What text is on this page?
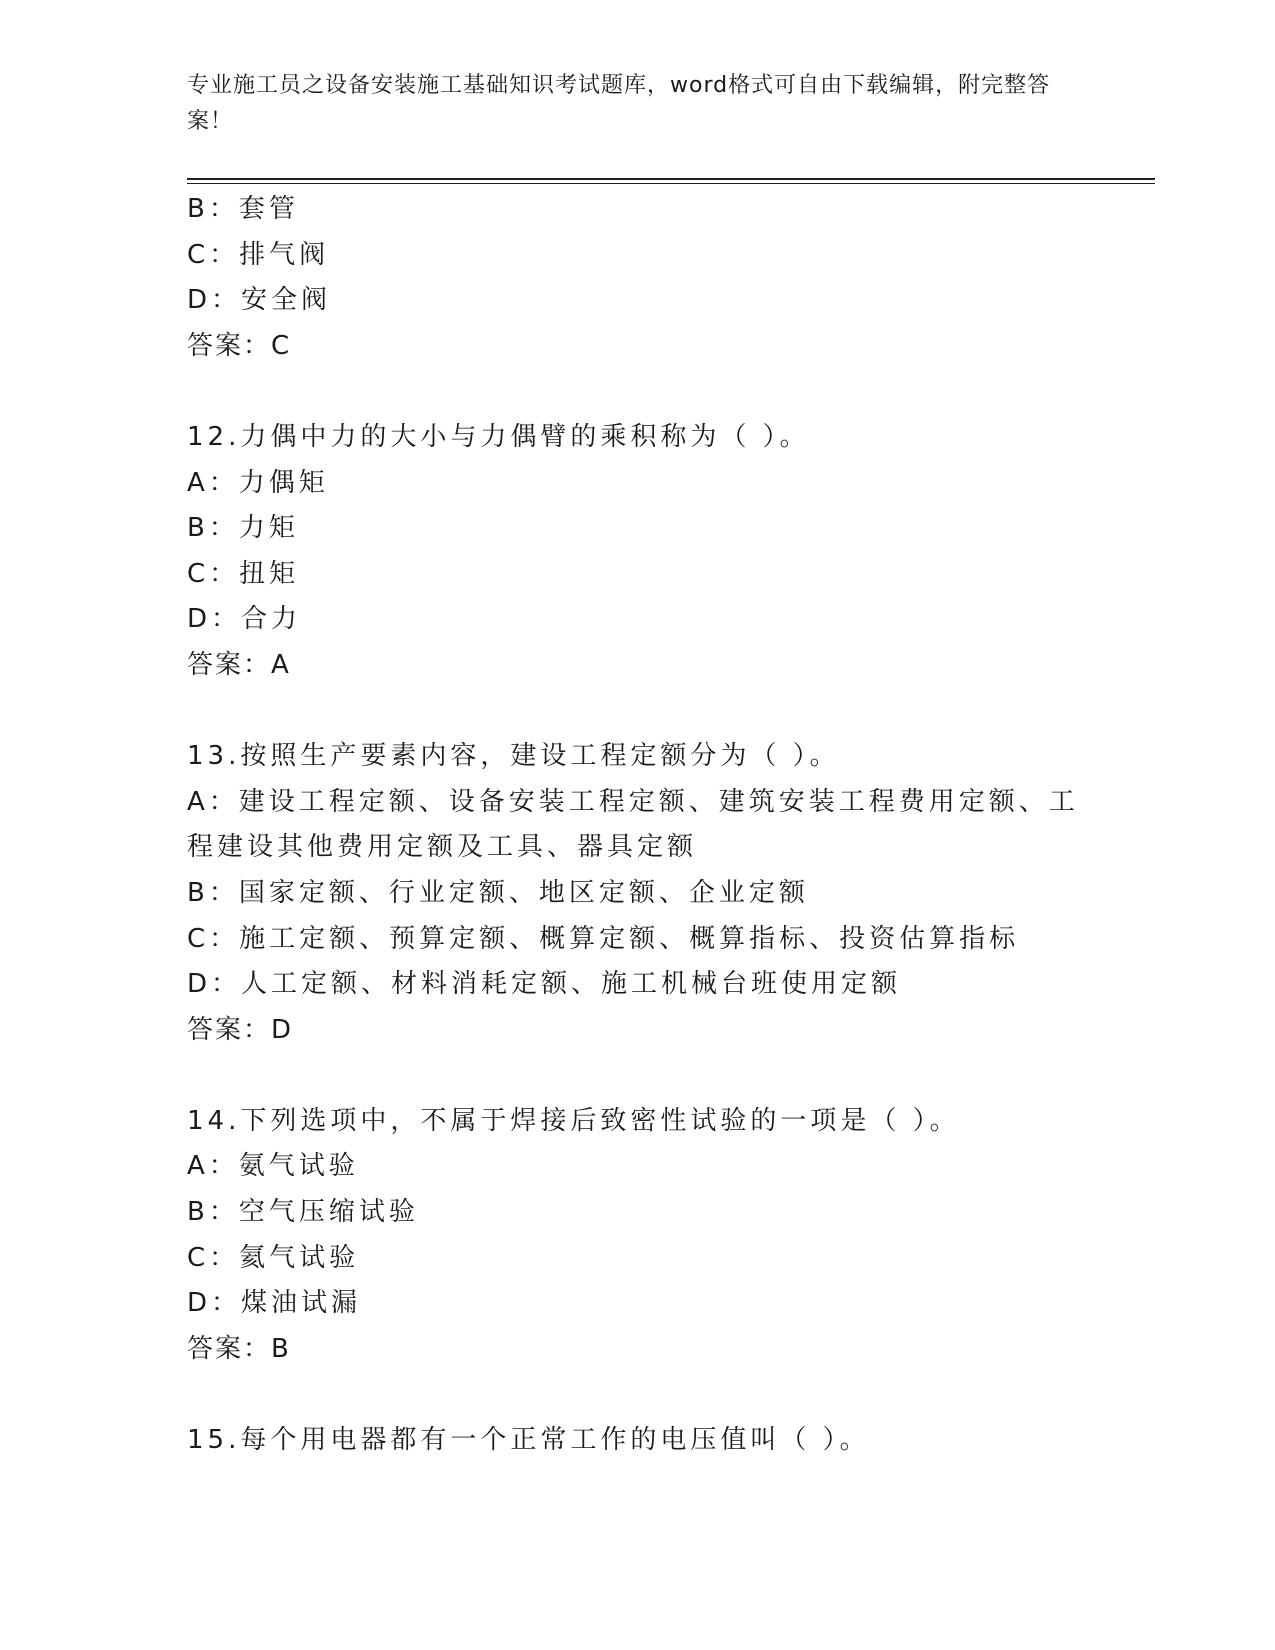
专业施工员之设备安装施工基础知识考试题库，word格式可自由下载编辑，附完整答案！
B：套管
C：排气阀
D：安全阀
答案：C
12.力偶中力的大小与力偶臂的乘积称为（ ）。
A：力偶矩
B：力矩
C：扭矩
D：合力
答案：A
13.按照生产要素内容，建设工程定额分为（ ）。
A：建设工程定额、设备安装工程定额、建筑安装工程费用定额、工程建设其他费用定额及工具、器具定额
B：国家定额、行业定额、地区定额、企业定额
C：施工定额、预算定额、概算定额、概算指标、投资估算指标
D：人工定额、材料消耗定额、施工机械台班使用定额
答案：D
14.下列选项中，不属于焊接后致密性试验的一项是（ ）。
A：氨气试验
B：空气压缩试验
C：氦气试验
D：煤油试漏
答案：B
15.每个用电器都有一个正常工作的电压值叫（ ）。
